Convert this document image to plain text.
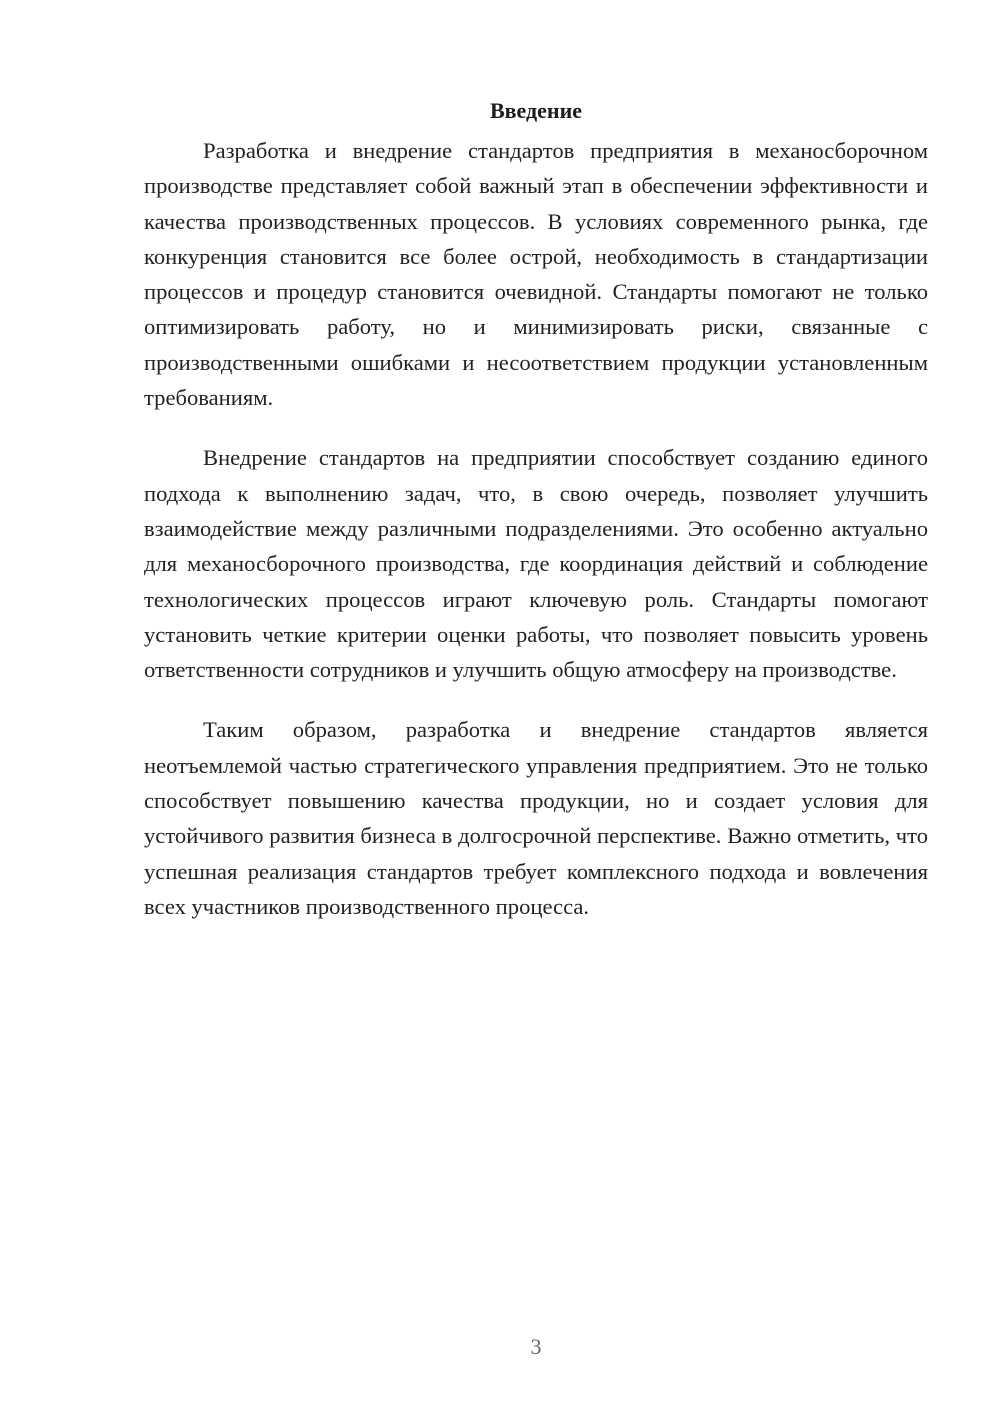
Введение

Разработка и внедрение стандартов предприятия в механосборочном производстве представляет собой важный этап в обеспечении эффективности и качества производственных процессов. В условиях современного рынка, где конкуренция становится все более острой, необходимость в стандартизации процессов и процедур становится очевидной. Стандарты помогают не только оптимизировать работу, но и минимизировать риски, связанные с производственными ошибками и несоответствием продукции установленным требованиям.

Внедрение стандартов на предприятии способствует созданию единого подхода к выполнению задач, что, в свою очередь, позволяет улучшить взаимодействие между различными подразделениями. Это особенно актуально для механосборочного производства, где координация действий и соблюдение технологических процессов играют ключевую роль. Стандарты помогают установить четкие критерии оценки работы, что позволяет повысить уровень ответственности сотрудников и улучшить общую атмосферу на производстве.

Таким образом, разработка и внедрение стандартов является неотъемлемой частью стратегического управления предприятием. Это не только способствует повышению качества продукции, но и создает условия для устойчивого развития бизнеса в долгосрочной перспективе. Важно отметить, что успешная реализация стандартов требует комплексного подхода и вовлечения всех участников производственного процесса.

3
